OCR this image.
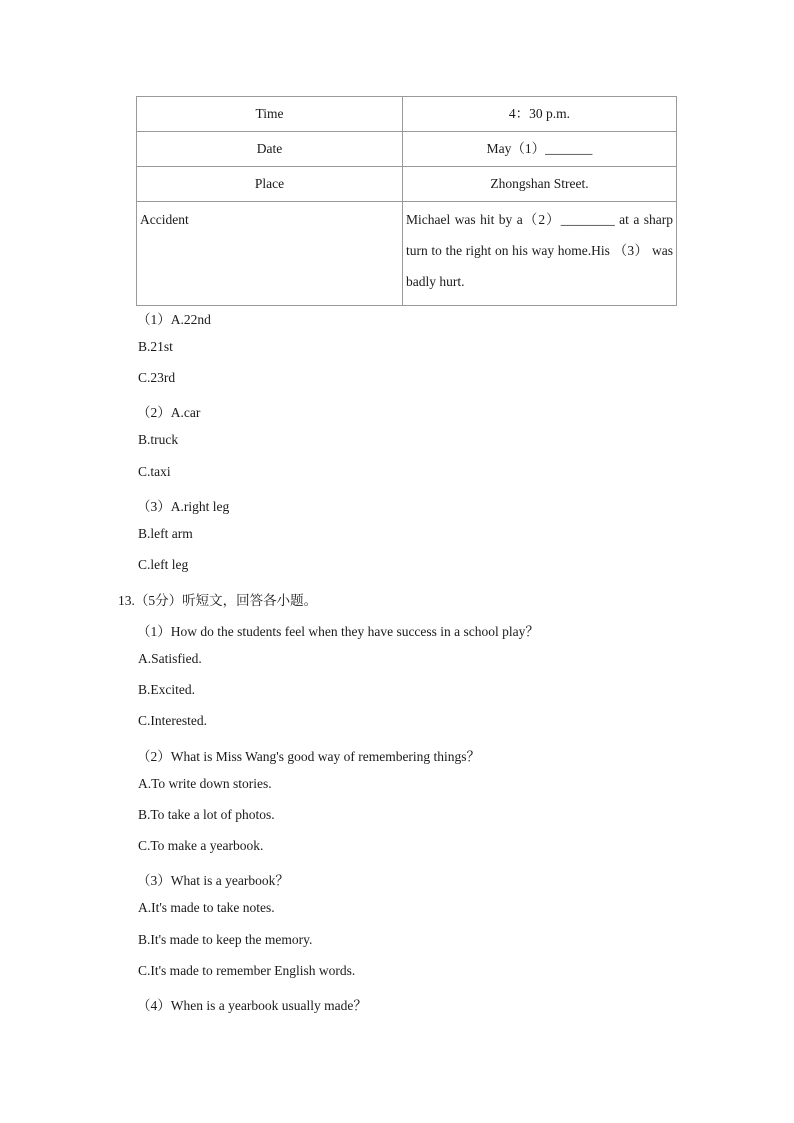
Time	4：30 p.m.
Date	May（1）_______
Place	Zhongshan Street.
Accident	Michael was hit by a（2）________ at a sharp turn to the right on his way home.His （3） was badly hurt.
（1）A.22nd
B.21st
C.23rd
（2）A.car
B.truck
C.taxi
（3）A.right leg
B.left arm
C.left leg
13.（5分）听短文，回答各小题。
（1）How do the students feel when they have success in a school play？
A.Satisfied.
B.Excited.
C.Interested.
（2）What is Miss Wang's good way of remembering things？
A.To write down stories.
B.To take a lot of photos.
C.To make a yearbook.
（3）What is a yearbook？
A.It's made to take notes.
B.It's made to keep the memory.
C.It's made to remember English words.
（4）When is a yearbook usually made？
